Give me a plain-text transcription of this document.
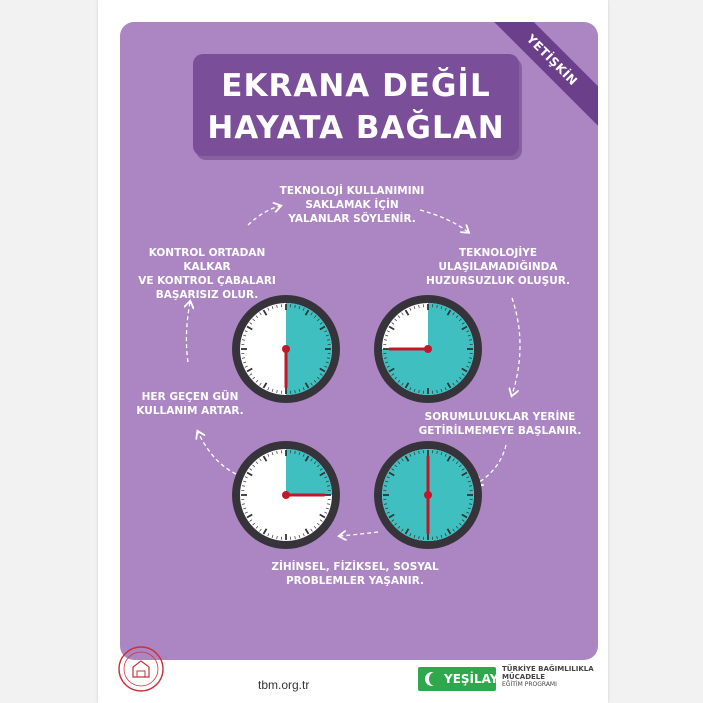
EKRANA DEĞİL
HAYATA BAĞLAN
YETİŞKİN
TEKNOLOJİ KULLANIMINI
SAKLAMAK İÇİN
YALANLAR SÖYLENİR.
TEKNOLOJİYE
ULAŞILAMADIĞINDA
HUZURSUZLUK OLUŞUR.
SORUMLULUKLAR YERİNE
GETİRİLMEMEYE BAŞLANIR.
ZİHİNSEL, FİZİKSEL, SOSYAL
PROBLEMLER YAŞANIR.
HER GEÇEN GÜN
KULLANIM ARTAR.
KONTROL ORTADAN KALKAR
VE KONTROL ÇABALARI
BAŞARISIZ OLUR.
tbm.org.tr	YEŞİLAY
TÜRKİYE BAĞIMLILIKLA
MÜCADELE
EĞİTİM PROGRAMI
